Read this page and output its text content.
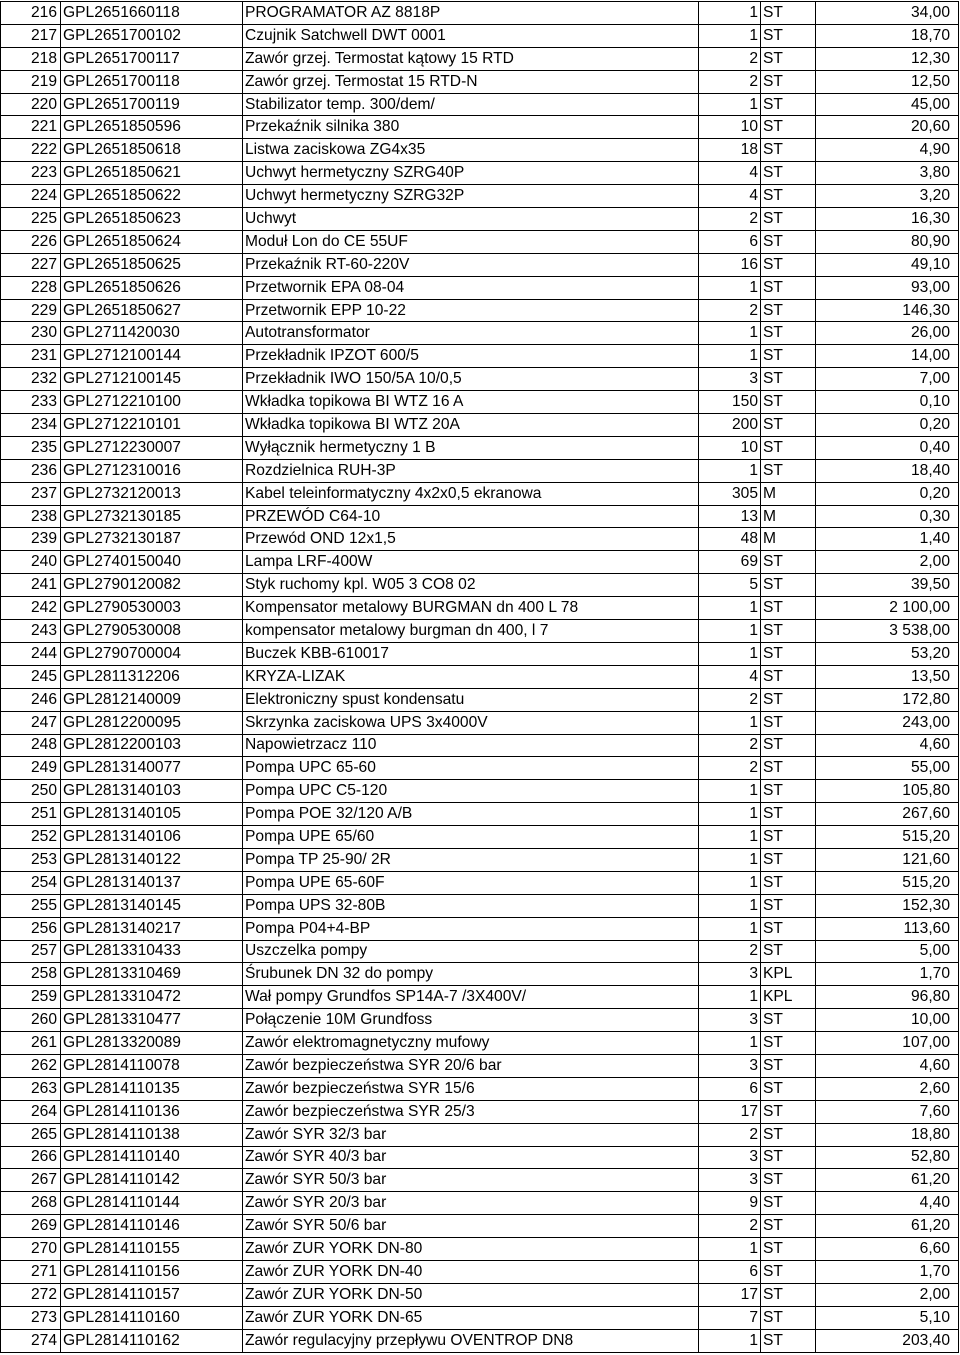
216	GPL2651660118	PROGRAMATOR AZ 8818P	1	ST	34,00
217	GPL2651700102	Czujnik Satchwell DWT 0001	1	ST	18,70
218	GPL2651700117	Zawór grzej. Termostat kątowy 15 RTD	2	ST	12,30
219	GPL2651700118	Zawór grzej. Termostat 15 RTD-N	2	ST	12,50
220	GPL2651700119	Stabilizator temp. 300/dem/	1	ST	45,00
221	GPL2651850596	Przekaźnik silnika 380	10	ST	20,60
222	GPL2651850618	Listwa zaciskowa ZG4x35	18	ST	4,90
223	GPL2651850621	Uchwyt hermetyczny SZRG40P	4	ST	3,80
224	GPL2651850622	Uchwyt hermetyczny SZRG32P	4	ST	3,20
225	GPL2651850623	Uchwyt	2	ST	16,30
226	GPL2651850624	Moduł Lon do CE 55UF	6	ST	80,90
227	GPL2651850625	Przekaźnik RT-60-220V	16	ST	49,10
228	GPL2651850626	Przetwornik EPA 08-04	1	ST	93,00
229	GPL2651850627	Przetwornik EPP 10-22	2	ST	146,30
230	GPL2711420030	Autotransformator	1	ST	26,00
231	GPL2712100144	Przekładnik IPZOT 600/5	1	ST	14,00
232	GPL2712100145	Przekładnik IWO 150/5A 10/0,5	3	ST	7,00
233	GPL2712210100	Wkładka topikowa BI WTZ 16 A	150	ST	0,10
234	GPL2712210101	Wkładka topikowa BI WTZ 20A	200	ST	0,20
235	GPL2712230007	Wyłącznik hermetyczny 1 B	10	ST	0,40
236	GPL2712310016	Rozdzielnica RUH-3P	1	ST	18,40
237	GPL2732120013	Kabel teleinformatyczny 4x2x0,5 ekranowa	305	M	0,20
238	GPL2732130185	PRZEWÓD C64-10	13	M	0,30
239	GPL2732130187	Przewód OND 12x1,5	48	M	1,40
240	GPL2740150040	Lampa LRF-400W	69	ST	2,00
241	GPL2790120082	Styk ruchomy kpl. W05 3 CO8 02	5	ST	39,50
242	GPL2790530003	Kompensator metalowy BURGMAN dn 400 L 78	1	ST	2 100,00
243	GPL2790530008	kompensator metalowy burgman dn 400, l 7	1	ST	3 538,00
244	GPL2790700004	Buczek KBB-610017	1	ST	53,20
245	GPL2811312206	KRYZA-LIZAK	4	ST	13,50
246	GPL2812140009	Elektroniczny spust kondensatu	2	ST	172,80
247	GPL2812200095	Skrzynka zaciskowa UPS 3x4000V	1	ST	243,00
248	GPL2812200103	Napowietrzacz 110	2	ST	4,60
249	GPL2813140077	Pompa UPC 65-60	2	ST	55,00
250	GPL2813140103	Pompa UPC C5-120	1	ST	105,80
251	GPL2813140105	Pompa POE 32/120 A/B	1	ST	267,60
252	GPL2813140106	Pompa UPE 65/60	1	ST	515,20
253	GPL2813140122	Pompa TP 25-90/ 2R	1	ST	121,60
254	GPL2813140137	Pompa UPE 65-60F	1	ST	515,20
255	GPL2813140145	Pompa UPS 32-80B	1	ST	152,30
256	GPL2813140217	Pompa P04+4-BP	1	ST	113,60
257	GPL2813310433	Uszczelka pompy	2	ST	5,00
258	GPL2813310469	Śrubunek DN 32 do pompy	3	KPL	1,70
259	GPL2813310472	Wał pompy Grundfos SP14A-7 /3X400V/	1	KPL	96,80
260	GPL2813310477	Połączenie 10M Grundfoss	3	ST	10,00
261	GPL2813320089	Zawór elektromagnetyczny mufowy	1	ST	107,00
262	GPL2814110078	Zawór bezpieczeństwa SYR 20/6 bar	3	ST	4,60
263	GPL2814110135	Zawór bezpieczeństwa SYR 15/6	6	ST	2,60
264	GPL2814110136	Zawór bezpieczeństwa SYR 25/3	17	ST	7,60
265	GPL2814110138	Zawór SYR 32/3 bar	2	ST	18,80
266	GPL2814110140	Zawór SYR 40/3 bar	3	ST	52,80
267	GPL2814110142	Zawór SYR 50/3 bar	3	ST	61,20
268	GPL2814110144	Zawór SYR 20/3 bar	9	ST	4,40
269	GPL2814110146	Zawór SYR 50/6 bar	2	ST	61,20
270	GPL2814110155	Zawór ZUR YORK DN-80	1	ST	6,60
271	GPL2814110156	Zawór ZUR YORK DN-40	6	ST	1,70
272	GPL2814110157	Zawór ZUR YORK DN-50	17	ST	2,00
273	GPL2814110160	Zawór ZUR YORK DN-65	7	ST	5,10
274	GPL2814110162	Zawór regulacyjny przepływu OVENTROP DN8	1	ST	203,40
